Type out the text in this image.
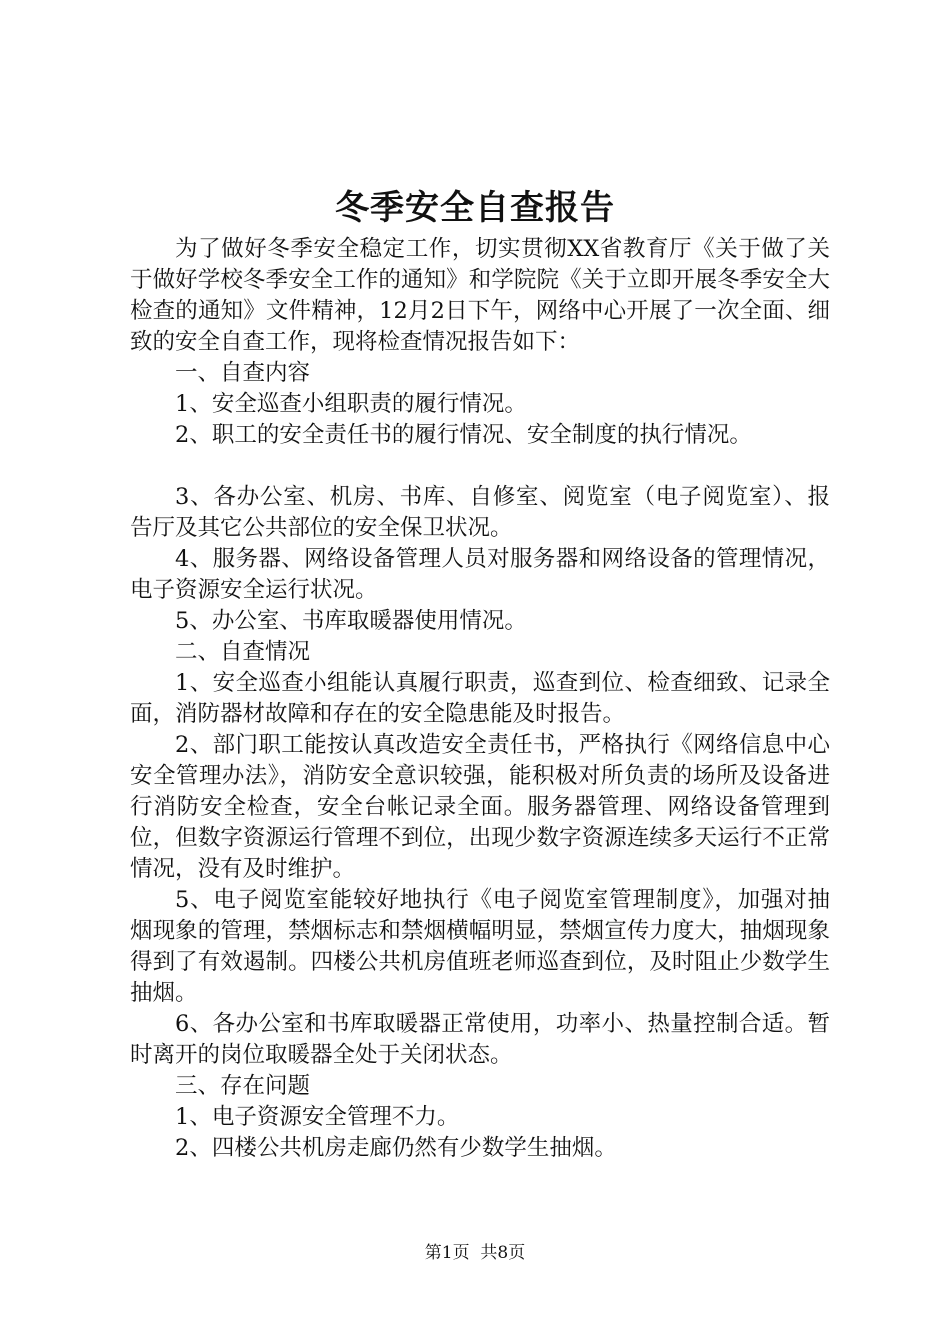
冬季安全自查报告

为了做好冬季安全稳定工作，切实贯彻XX省教育厅《关于做了关于做好学校冬季安全工作的通知》和学院院《关于立即开展冬季安全大检查的通知》文件精神，12月2日下午，网络中心开展了一次全面、细致的安全自查工作，现将检查情况报告如下：

一、自查内容

1、安全巡查小组职责的履行情况。

2、职工的安全责任书的履行情况、安全制度的执行情况。

3、各办公室、机房、书库、自修室、阅览室（电子阅览室）、报告厅及其它公共部位的安全保卫状况。

4、服务器、网络设备管理人员对服务器和网络设备的管理情况，电子资源安全运行状况。

5、办公室、书库取暖器使用情况。

二、自查情况

1、安全巡查小组能认真履行职责，巡查到位、检查细致、记录全面，消防器材故障和存在的安全隐患能及时报告。

2、部门职工能按认真改造安全责任书，严格执行《网络信息中心安全管理办法》，消防安全意识较强，能积极对所负责的场所及设备进行消防安全检查，安全台帐记录全面。服务器管理、网络设备管理到位，但数字资源运行管理不到位，出现少数字资源连续多天运行不正常情况，没有及时维护。

5、电子阅览室能较好地执行《电子阅览室管理制度》，加强对抽烟现象的管理，禁烟标志和禁烟横幅明显，禁烟宣传力度大，抽烟现象得到了有效遏制。四楼公共机房值班老师巡查到位，及时阻止少数学生抽烟。

6、各办公室和书库取暖器正常使用，功率小、热量控制合适。暂时离开的岗位取暖器全处于关闭状态。

三、存在问题

1、电子资源安全管理不力。

2、四楼公共机房走廊仍然有少数学生抽烟。

第1页 共8页
